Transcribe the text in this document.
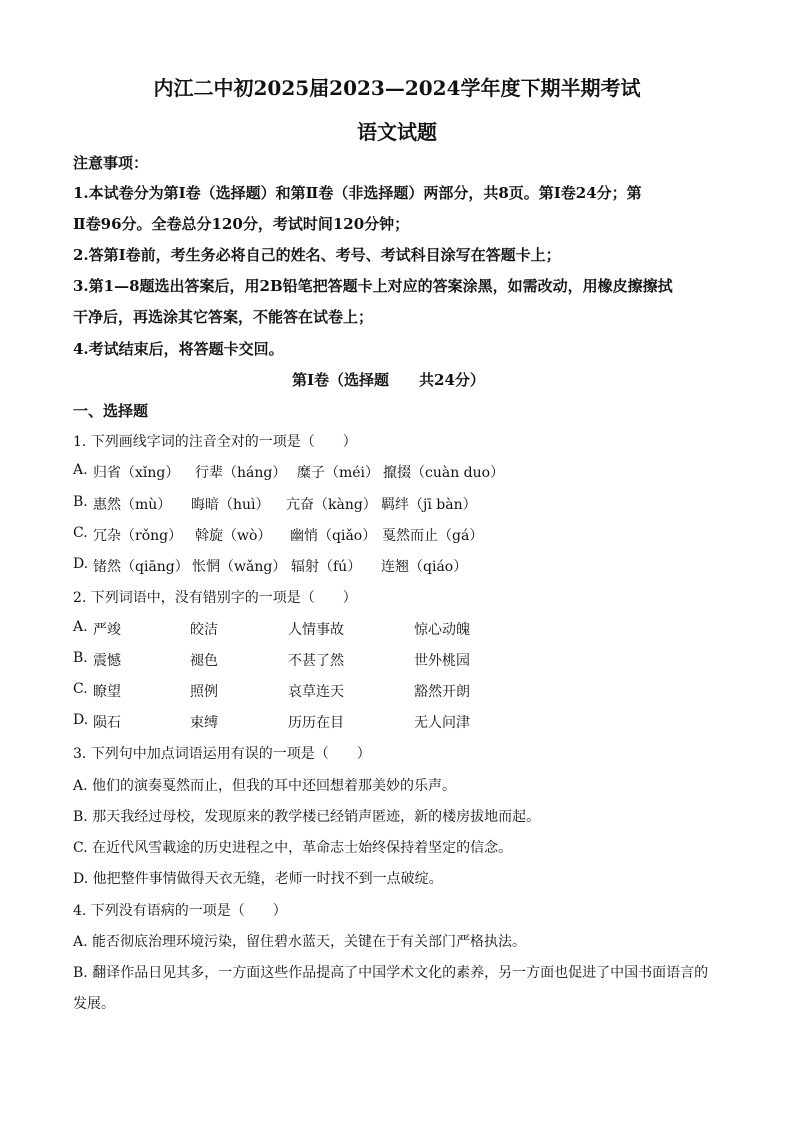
内江二中初2025届2023—2024学年度下期半期考试
语文试题
注意事项：
1.本试卷分为第Ⅰ卷（选择题）和第Ⅱ卷（非选择题）两部分，共8页。第Ⅰ卷24分；第
Ⅱ卷96分。全卷总分120分，考试时间120分钟；
2.答第Ⅰ卷前，考生务必将自己的姓名、考号、考试科目涂写在答题卡上；
3.第1—8题选出答案后，用2B铅笔把答题卡上对应的答案涂黑，如需改动，用橡皮擦擦拭
干净后，再选涂其它答案，不能答在试卷上；
4.考试结束后，将答题卡交回。
第Ⅰ卷（选择题　　共24分）
一、选择题
1. 下列画线字词的注音全对的一项是（　　）
A. 归省（xǐng） 行辈（háng） 糜子（méi） 攛掇（cuàn duo）
B. 惠然（mù） 晦暗（huì） 亢奋（kàng） 羁绊（jī bàn）
C. 冗杂（rǒng） 斡旋（wò） 幽悄（qiǎo） 戛然而止（gá）
D. 锗然（qiāng） 怅惘（wǎng） 辐射（fú） 连翘（qiáo）
2. 下列词语中，没有错别字的一项是（　　）
A. 严竣	皎洁	人情事故	惊心动魄
B. 震憾	褪色	不甚了然	世外桃园
C. 瞭望	照例	哀草连天	豁然开朗
D. 陨石	束缚	历历在目	无人问津
3. 下列句中加点词语运用有误的一项是（　　）
A. 他们的演奏戛然而止，但我的耳中还回想着那美妙的乐声。
B. 那天我经过母校，发现原来的教学楼已经销声匿迹，新的楼房拔地而起。
C. 在近代风雪載途的历史进程之中，革命志士始终保持着坚定的信念。
D. 他把整件事情做得天衣无缝，老师一时找不到一点破绽。
4. 下列没有语病的一项是（　　）
A. 能否彻底治理环境污染，留住碧水蓝天，关键在于有关部门严格执法。
B. 翻译作品日见其多，一方面这些作品提高了中国学术文化的素养，另一方面也促进了中国书面语言的
发展。
